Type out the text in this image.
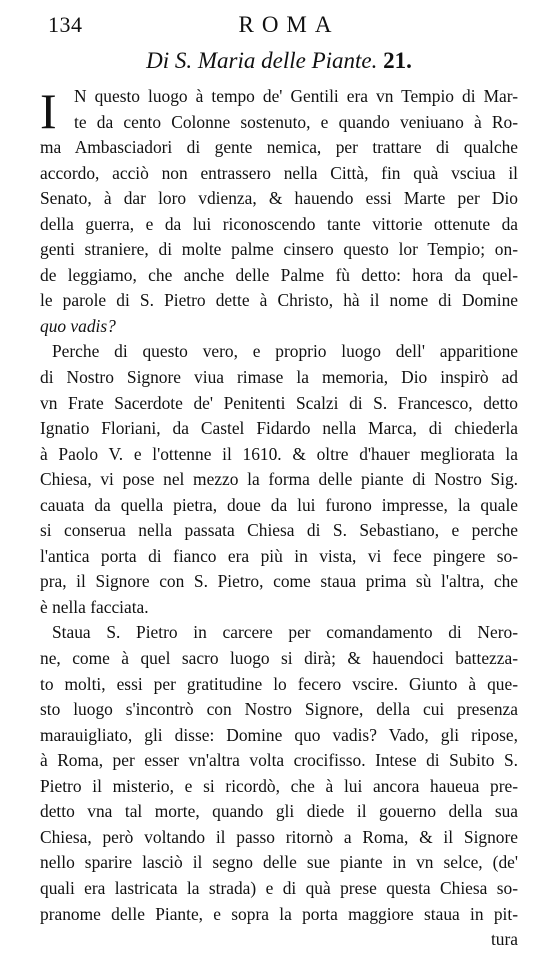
134	ROMA
Di S. Maria delle Piante. 21.
I N questo luogo à tempo de' Gentili era vn Tempio di Mar-
te da cento Colonne sostenuto, e quando veniuano à Ro-
ma Ambasciadori di gente nemica, per trattare di qualche
accordo, acciò non entrassero nella Città, fin quà vsciua il
Senato, à dar loro vdienza, & hauendo essi Marte per Dio
della guerra, e da lui riconoscendo tante vittorie ottenute da
genti straniere, di molte palme cinsero questo lor Tempio; on-
de leggiamo, che anche delle Palme fù detto: hora da quel-
le parole di S. Pietro dette à Christo, hà il nome di Domine
quo vadis?
Perche di questo vero, e proprio luogo dell' apparitione
di Nostro Signore viua rimase la memoria, Dio inspirò ad
vn Frate Sacerdote de' Penitenti Scalzi di S. Francesco, detto
Ignatio Floriani, da Castel Fidardo nella Marca, di chiederla
à Paolo V. e l'ottenne il 1610. & oltre d'hauer megliorata la
Chiesa, vi pose nel mezzo la forma delle piante di Nostro Sig.
cauata da quella pietra, doue da lui furono impresse, la quale
si conserua nella passata Chiesa di S. Sebastiano, e perche
l'antica porta di fianco era più in vista, vi fece pingere so-
pra, il Signore con S. Pietro, come staua prima sù l'altra, che
è nella facciata.
Staua S. Pietro in carcere per comandamento di Nero-
ne, come à quel sacro luogo si dirà; & hauendoci battezza-
to molti, essi per gratitudine lo fecero vscire. Giunto à que-
sto luogo s'incontrò con Nostro Signore, della cui presenza
marauigliato, gli disse: Domine quo vadis? Vado, gli ripose,
à Roma, per esser vn'altra volta crocifisso. Intese di Subito S.
Pietro il misterio, e si ricordò, che à lui ancora haueua pre-
detto vna tal morte, quando gli diede il gouerno della sua
Chiesa, però voltando il passo ritornò a Roma, & il Signore
nello sparire lasciò il segno delle sue piante in vn selce, (de'
quali era lastricata la strada) e di quà prese questa Chiesa so-
pranome delle Piante, e sopra la porta maggiore staua in pit-
tura
